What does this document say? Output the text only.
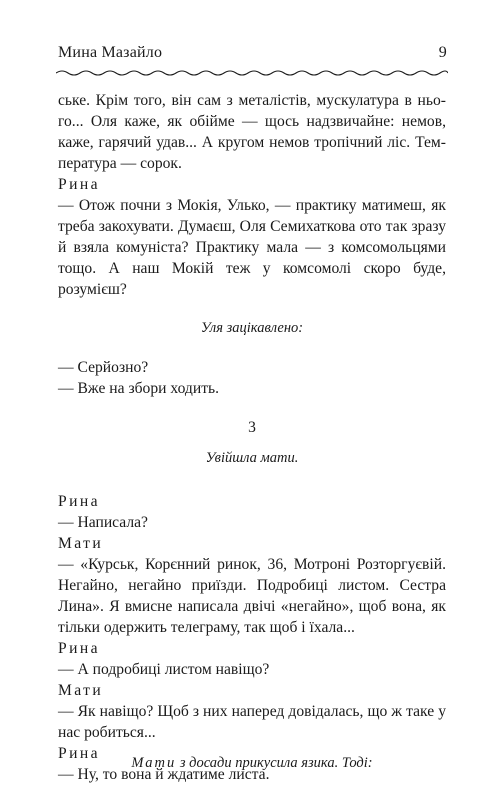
Мина Мазайло	9

ське. Крім того, він сам з металістів, мускулатура в нього... Оля каже, як обійме — щось надзвичайне: немов, каже, гарячий удав... А кругом немов тропічний ліс. Температура — сорок.

Рина

— Отож почни з Мокія, Улько, — практику матимеш, як треба закохувати. Думаєш, Оля Семихаткова ото так зразу й взяла комуніста? Практику мала — з комсомольцями тощо. А наш Мокій теж у комсомолі скоро буде, розумієш?

Уля зацікавлено:

— Серйозно?

— Вже на збори ходить.

3

Увійшла мати.

Рина

— Написала?

Мати

— «Курськ, Корєнний ринок, 36, Мотроні Розторгуєвій. Негайно, негайно приїзди. Подробиці листом. Сестра Лина». Я вмисне написала двічі «негайно», щоб вона, як тільки одержить телеграму, так щоб і їхала...

Рина

— А подробиці листом навіщо?

Мати

— Як навіщо? Щоб з них наперед довідалась, що ж таке у нас робиться...

Рина

— Ну, то вона й ждатиме листа.

Мати з досади прикусила язика. Тоді:
